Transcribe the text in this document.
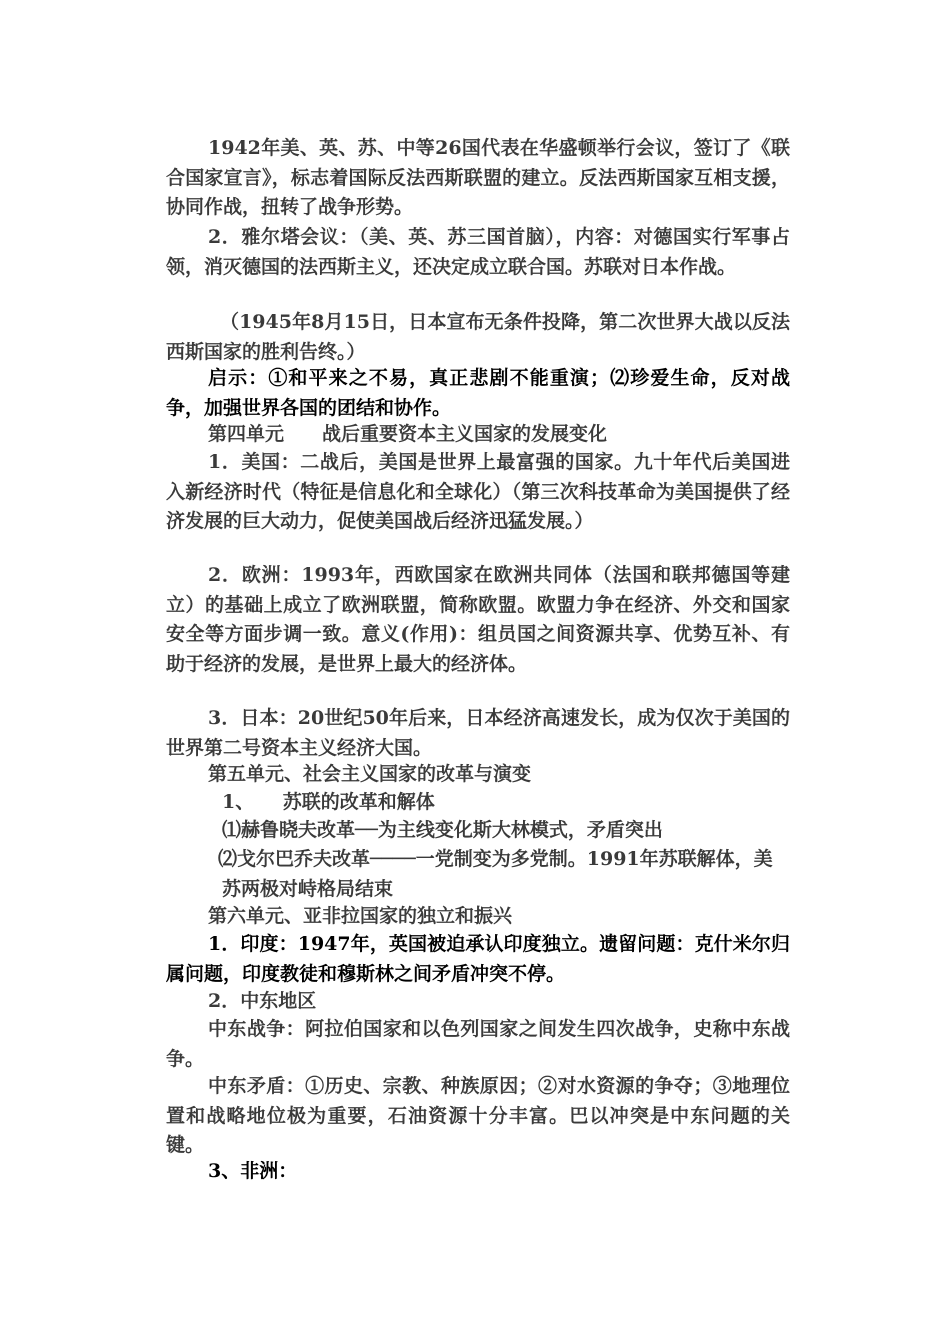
1942年美、英、苏、中等26国代表在华盛顿举行会议，签订了《联合国家宣言》，标志着国际反法西斯联盟的建立。反法西斯国家互相支援，协同作战，扭转了战争形势。

2．雅尔塔会议：（美、英、苏三国首脑），内容：对德国实行军事占领，消灭德国的法西斯主义，还决定成立联合国。苏联对日本作战。

（1945年8月15日，日本宣布无条件投降，第二次世界大战以反法西斯国家的胜利告终。）

启示：①和平来之不易，真正悲剧不能重演；⑵珍爱生命，反对战争，加强世界各国的团结和协作。

第四单元　　战后重要资本主义国家的发展变化

1．美国：二战后，美国是世界上最富强的国家。九十年代后美国进入新经济时代（特征是信息化和全球化）（第三次科技革命为美国提供了经济发展的巨大动力，促使美国战后经济迅猛发展。）

2．欧洲：1993年，西欧国家在欧洲共同体（法国和联邦德国等建立）的基础上成立了欧洲联盟，简称欧盟。欧盟力争在经济、外交和国家安全等方面步调一致。意义(作用)：组员国之间资源共享、优势互补、有助于经济的发展，是世界上最大的经济体。

3．日本：20世纪50年后来，日本经济高速发长，成为仅次于美国的世界第二号资本主义经济大国。

第五单元、社会主义国家的改革与演变

1、　　苏联的改革和解体

⑴赫鲁晓夫改革──为主线变化斯大林模式，矛盾突出

⑵戈尔巴乔夫改革────一党制变为多党制。1991年苏联解体，美苏两极对峙格局结束

第六单元、亚非拉国家的独立和振兴

1．印度：1947年，英国被迫承认印度独立。遗留问题：克什米尔归属问题，印度教徒和穆斯林之间矛盾冲突不停。

2．中东地区

中东战争：阿拉伯国家和以色列国家之间发生四次战争，史称中东战争。

中东矛盾：①历史、宗教、种族原因；②对水资源的争夺；③地理位置和战略地位极为重要，石油资源十分丰富。巴以冲突是中东问题的关键。

3、非洲：
